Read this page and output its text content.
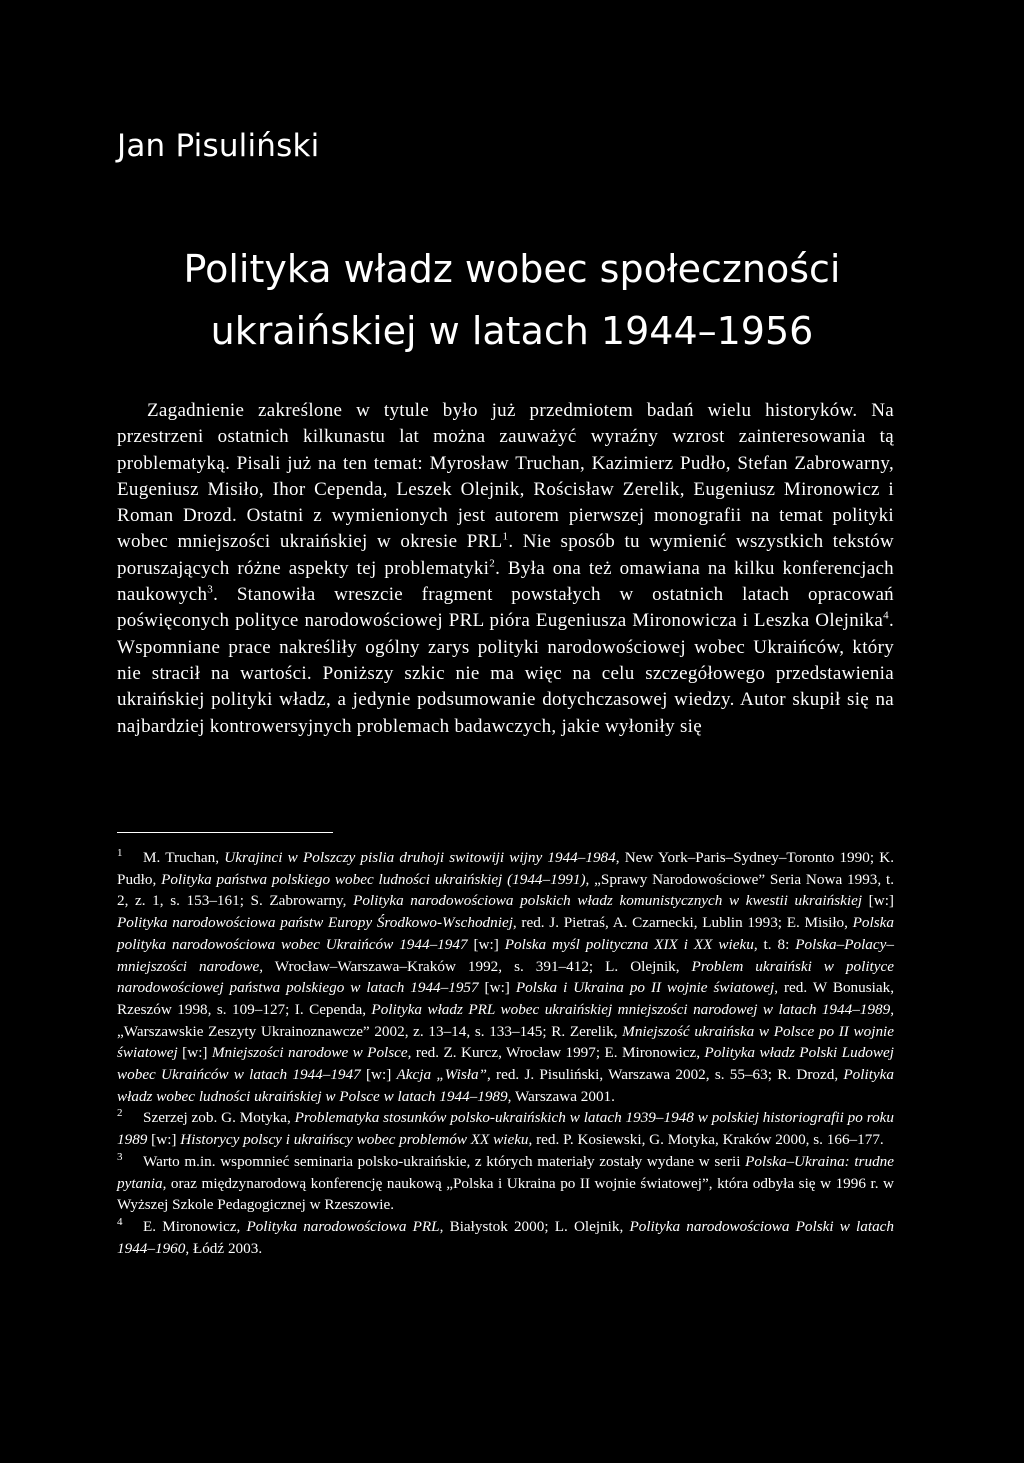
Jan Pisuliński
Polityka władz wobec społeczności ukraińskiej w latach 1944–1956

Zagadnienie zakreślone w tytule było już przedmiotem badań wielu historyków. Na przestrzeni ostatnich kilkunastu lat można zauważyć wyraźny wzrost zainteresowania tą problematyką. Pisali już na ten temat: Myrosław Truchan, Kazimierz Pudło, Stefan Zabrowarny, Eugeniusz Misiło, Ihor Cependa, Leszek Olejnik, Rościsław Zerelik, Eugeniusz Mironowicz i Roman Drozd. Ostatni z wymienionych jest autorem pierwszej monografii na temat polityki wobec mniejszości ukraińskiej w okresie PRL$^1$. Nie sposób tu wymienić wszystkich tekstów poruszających różne aspekty tej problematyki$^2$. Była ona też omawiana na kilku konferencjach naukowych$^3$. Stanowiła wreszcie fragment powstałych w ostatnich latach opracowań poświęconych polityce narodowościowej PRL pióra Eugeniusza Mironowicza i Leszka Olejnika$^4$. Wspomniane prace nakreśliły ogólny zarys polityki narodowościowej wobec Ukraińców, który nie stracił na wartości. Poniższy szkic nie ma więc na celu szczegółowego przedstawienia ukraińskiej polityki władz, a jedynie podsumowanie dotychczasowej wiedzy. Autor skupił się na najbardziej kontrowersyjnych problemach badawczych, jakie wyłoniły się

1 M. Truchan, Ukrajinci w Polszczy pislia druhoji switowiji wijny 1944–1984, New York–Paris–Sydney–Toronto 1990; K. Pudło, Polityka państwa polskiego wobec ludności ukraińskiej (1944–1991), „Sprawy Narodowościowe” Seria Nowa 1993, t. 2, z. 1, s. 153–161; S. Zabrowarny, Polityka narodowościowa polskich władz komunistycznych w kwestii ukraińskiej [w:] Polityka narodowościowa państw Europy Środkowo-Wschodniej, red. J. Pietraś, A. Czarnecki, Lublin 1993; E. Misiło, Polska polityka narodowościowa wobec Ukraińców 1944–1947 [w:] Polska myśl polityczna XIX i XX wieku, t. 8: Polska–Polacy–mniejszości narodowe, Wrocław–Warszawa–Kraków 1992, s. 391–412; L. Olejnik, Problem ukraiński w polityce narodowościowej państwa polskiego w latach 1944–1957 [w:] Polska i Ukraina po II wojnie światowej, red. W Bonusiak, Rzeszów 1998, s. 109–127; I. Cependa, Polityka władz PRL wobec ukraińskiej mniejszości narodowej w latach 1944–1989, „Warszawskie Zeszyty Ukrainoznawcze” 2002, z. 13–14, s. 133–145; R. Zerelik, Mniejszość ukraińska w Polsce po II wojnie światowej [w:] Mniejszości narodowe w Polsce, red. Z. Kurcz, Wrocław 1997; E. Mironowicz, Polityka władz Polski Ludowej wobec Ukraińców w latach 1944–1947 [w:] Akcja „Wisła”, red. J. Pisuliński, Warszawa 2002, s. 55–63; R. Drozd, Polityka władz wobec ludności ukraińskiej w Polsce w latach 1944–1989, Warszawa 2001.

2 Szerzej zob. G. Motyka, Problematyka stosunków polsko-ukraińskich w latach 1939–1948 w polskiej historiografii po roku 1989 [w:] Historycy polscy i ukraińscy wobec problemów XX wieku, red. P. Kosiewski, G. Motyka, Kraków 2000, s. 166–177.

3 Warto m.in. wspomnieć seminaria polsko-ukraińskie, z których materiały zostały wydane w serii Polska–Ukraina: trudne pytania, oraz międzynarodową konferencję naukową „Polska i Ukraina po II wojnie światowej”, która odbyła się w 1996 r. w Wyższej Szkole Pedagogicznej w Rzeszowie.

4 E. Mironowicz, Polityka narodowościowa PRL, Białystok 2000; L. Olejnik, Polityka narodowościowa Polski w latach 1944–1960, Łódź 2003.
